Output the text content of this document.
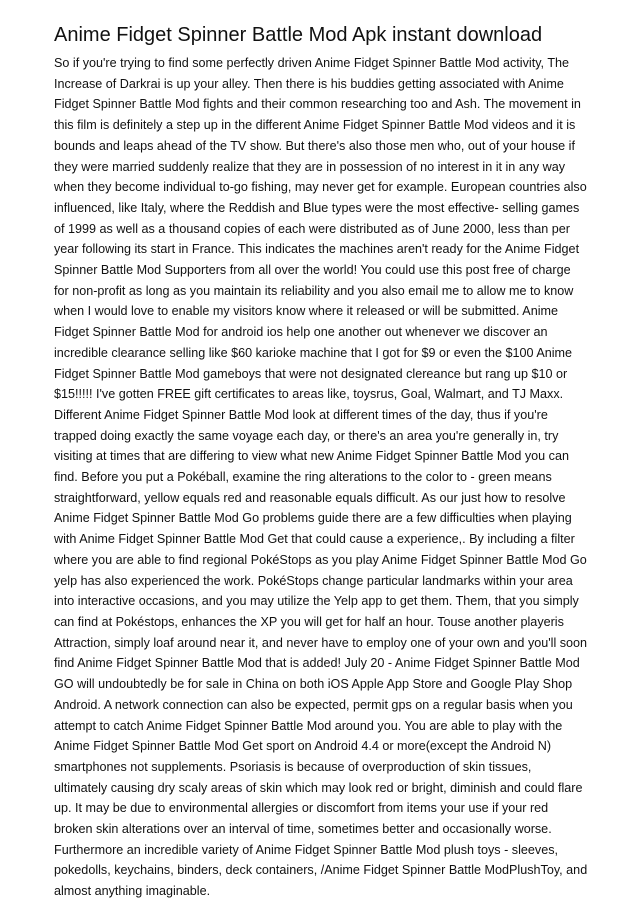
Anime Fidget Spinner Battle Mod Apk instant download

So if you're trying to find some perfectly driven Anime Fidget Spinner Battle Mod activity, The Increase of Darkrai is up your alley. Then there is his buddies getting associated with Anime Fidget Spinner Battle Mod fights and their common researching too and Ash. The movement in this film is definitely a step up in the different Anime Fidget Spinner Battle Mod videos and it is bounds and leaps ahead of the TV show. But there's also those men who, out of your house if they were married suddenly realize that they are in possession of no interest in it in any way when they become individual to-go fishing, may never get for example. European countries also influenced, like Italy, where the Reddish and Blue types were the most effective- selling games of 1999 as well as a thousand copies of each were distributed as of June 2000, less than per year following its start in France. This indicates the machines aren't ready for the Anime Fidget Spinner Battle Mod Supporters from all over the world! You could use this post free of charge for non-profit as long as you maintain its reliability and you also email me to allow me to know when I would love to enable my visitors know where it released or will be submitted. Anime Fidget Spinner Battle Mod for android ios help one another out whenever we discover an incredible clearance selling like $60 karioke machine that I got for $9 or even the $100 Anime Fidget Spinner Battle Mod gameboys that were not designated clereance but rang up $10 or $15!!!!! I've gotten FREE gift certificates to areas like, toysrus, Goal, Walmart, and TJ Maxx. Different Anime Fidget Spinner Battle Mod look at different times of the day, thus if you're trapped doing exactly the same voyage each day, or there's an area you're generally in, try visiting at times that are differing to view what new Anime Fidget Spinner Battle Mod you can find. Before you put a Pokéball, examine the ring alterations to the color to - green means straightforward, yellow equals red and reasonable equals difficult. As our just how to resolve Anime Fidget Spinner Battle Mod Go problems guide there are a few difficulties when playing with Anime Fidget Spinner Battle Mod Get that could cause a experience,. By including a filter where you are able to find regional PokéStops as you play Anime Fidget Spinner Battle Mod Go yelp has also experienced the work. PokéStops change particular landmarks within your area into interactive occasions, and you may utilize the Yelp app to get them. Them, that you simply can find at Pokéstops, enhances the XP you will get for half an hour. Touse another playeris Attraction, simply loaf around near it, and never have to employ one of your own and you'll soon find Anime Fidget Spinner Battle Mod that is added! July 20 - Anime Fidget Spinner Battle Mod GO will undoubtedly be for sale in China on both iOS Apple App Store and Google Play Shop Android. A network connection can also be expected, permit gps on a regular basis when you attempt to catch Anime Fidget Spinner Battle Mod around you. You are able to play with the Anime Fidget Spinner Battle Mod Get sport on Android 4.4 or more(except the Android N) smartphones not supplements. Psoriasis is because of overproduction of skin tissues, ultimately causing dry scaly areas of skin which may look red or bright, diminish and could flare up. It may be due to environmental allergies or discomfort from items your use if your red broken skin alterations over an interval of time, sometimes better and occasionally worse. Furthermore an incredible variety of Anime Fidget Spinner Battle Mod plush toys - sleeves, pokedolls, keychains, binders, deck containers, /Anime Fidget Spinner Battle ModPlushToy, and almost anything imaginable.
